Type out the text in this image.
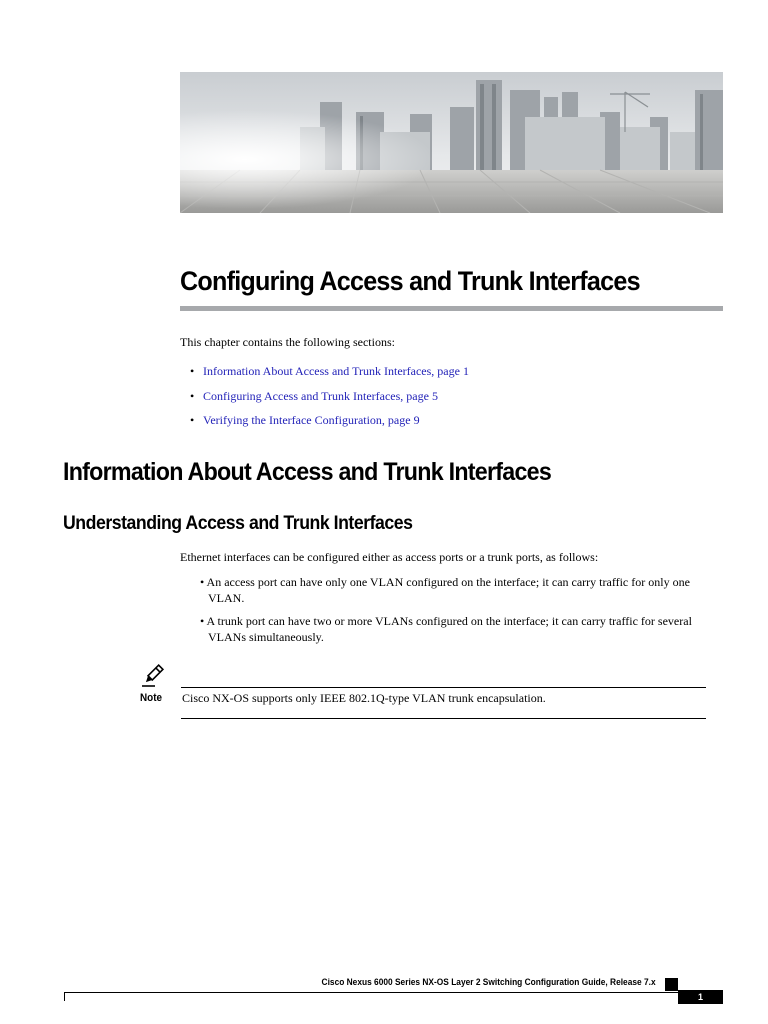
Configuring Access and Trunk Interfaces

This chapter contains the following sections:

• Information About Access and Trunk Interfaces, page 1
• Configuring Access and Trunk Interfaces, page 5
• Verifying the Interface Configuration, page 9
Information About Access and Trunk Interfaces
Understanding Access and Trunk Interfaces

Ethernet interfaces can be configured either as access ports or a trunk ports, as follows:

• An access port can have only one VLAN configured on the interface; it can carry traffic for only one VLAN.
• A trunk port can have two or more VLANs configured on the interface; it can carry traffic for several VLANs simultaneously.
Note Cisco NX-OS supports only IEEE 802.1Q-type VLAN trunk encapsulation.

Cisco Nexus 6000 Series NX-OS Layer 2 Switching Configuration Guide, Release 7.x
1
